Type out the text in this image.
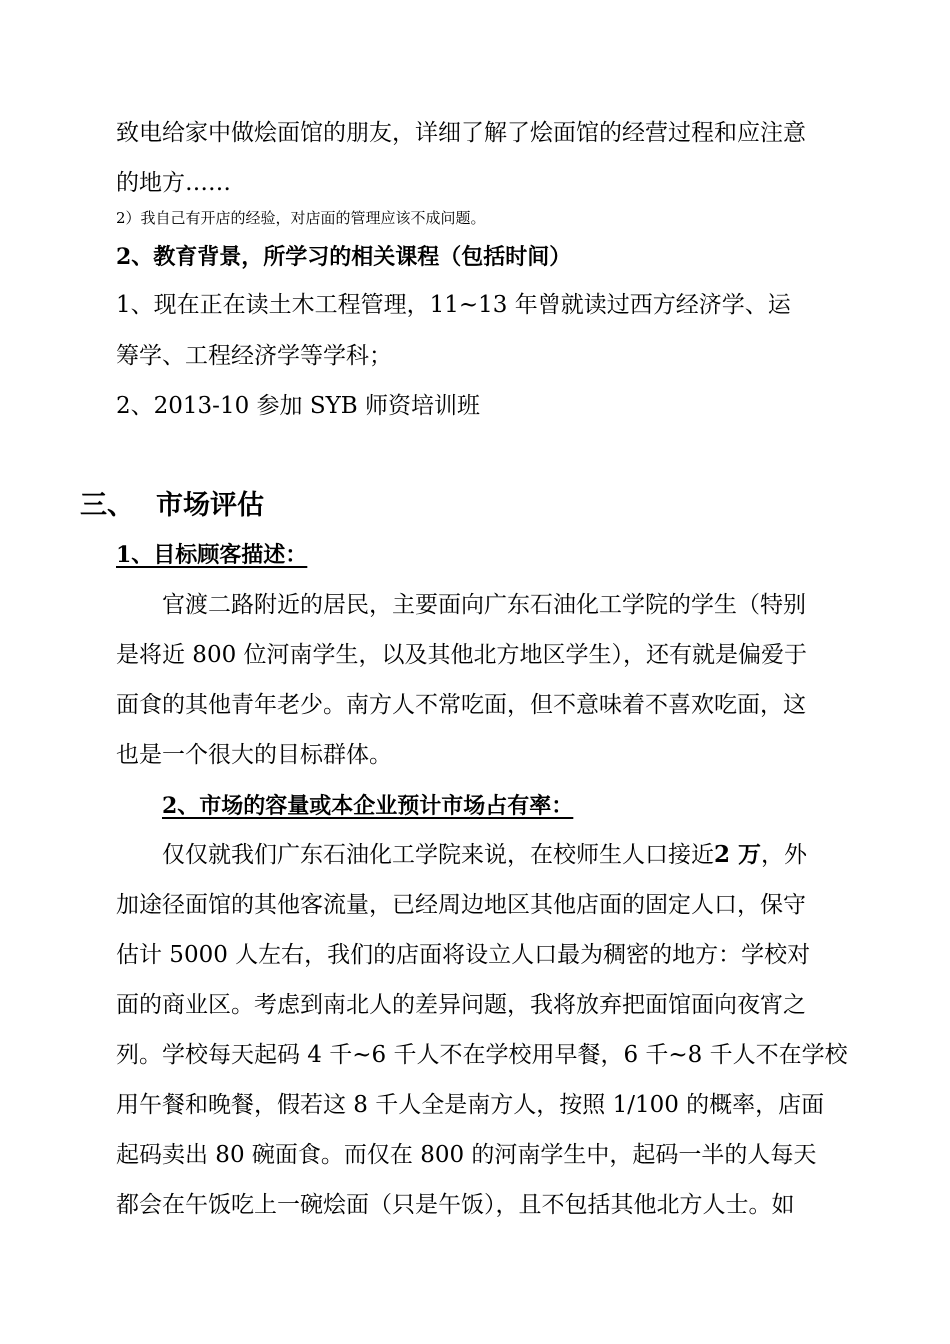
致电给家中做烩面馆的朋友，详细了解了烩面馆的经营过程和应注意
的地方……
2）我自己有开店的经验，对店面的管理应该不成问题。
2、教育背景，所学习的相关课程（包括时间）
1、现在正在读土木工程管理，11~13 年曾就读过西方经济学、运
筹学、工程经济学等学科；
2、2013-10 参加 SYB 师资培训班
三、 市场评估
1、目标顾客描述：
官渡二路附近的居民，主要面向广东石油化工学院的学生（特别
是将近 800 位河南学生，以及其他北方地区学生），还有就是偏爱于
面食的其他青年老少。南方人不常吃面，但不意味着不喜欢吃面，这
也是一个很大的目标群体。
2、市场的容量或本企业预计市场占有率：
仅仅就我们广东石油化工学院来说，在校师生人口接近2 万，外
加途径面馆的其他客流量，已经周边地区其他店面的固定人口，保守
估计 5000 人左右，我们的店面将设立人口最为稠密的地方：学校对
面的商业区。考虑到南北人的差异问题，我将放弃把面馆面向夜宵之
列。学校每天起码 4 千~6 千人不在学校用早餐，6 千~8 千人不在学校
用午餐和晚餐，假若这 8 千人全是南方人，按照 1/100 的概率，店面
起码卖出 80 碗面食。而仅在 800 的河南学生中，起码一半的人每天
都会在午饭吃上一碗烩面（只是午饭），且不包括其他北方人士。如
